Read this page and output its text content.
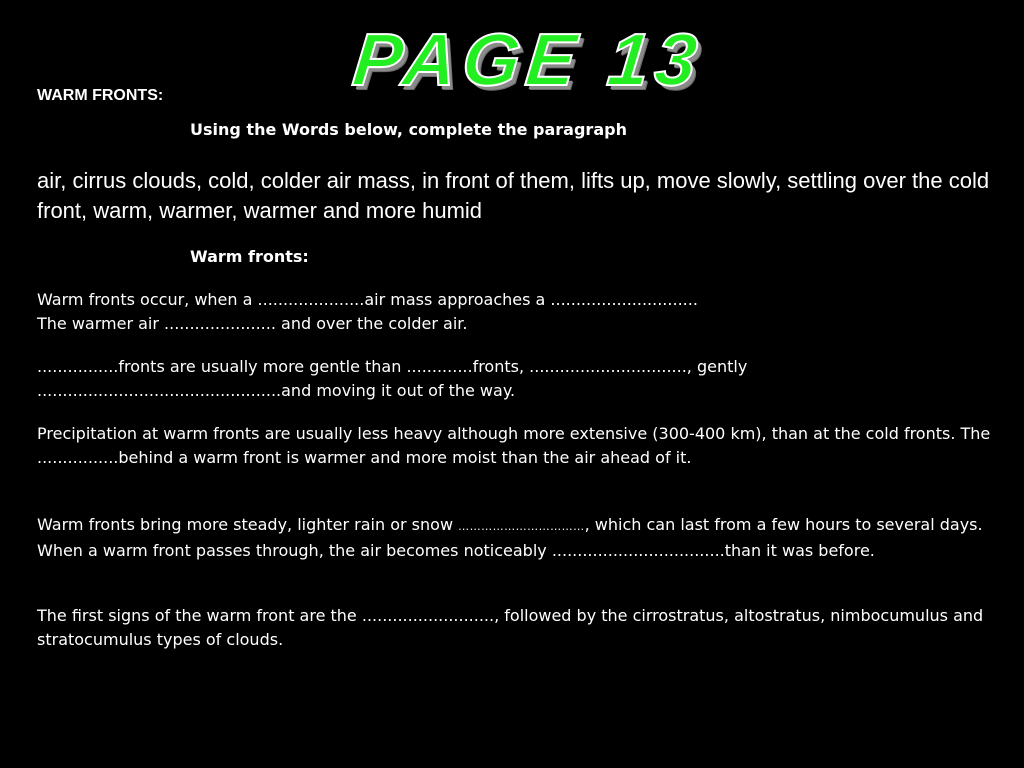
PAGE 13
WARM FRONTS:
Using the Words below, complete the paragraph
air, cirrus clouds, cold, colder air mass, in front of them, lifts up, move slowly, settling over the cold front, warm, warmer, warmer and more humid
Warm fronts:
Warm fronts occur, when a .....................air mass approaches a .............................
The warmer air ...................... and over the colder air.

................fronts are usually more gentle than .............fronts, ..............................., gently ................................................and moving it out of the way.

Precipitation at warm fronts are usually less heavy although more extensive (300-400 km), than at the cold fronts. The ................behind a warm front is warmer and more moist than the air ahead of it.

Warm fronts bring more steady, lighter rain or snow ……………………………, which can last from a few hours to several days. When a warm front passes through, the air becomes noticeably ..................................than it was before.

The first signs of the warm front are the .........................., followed by the cirrostratus, altostratus, nimbocumulus and stratocumulus types of clouds.
